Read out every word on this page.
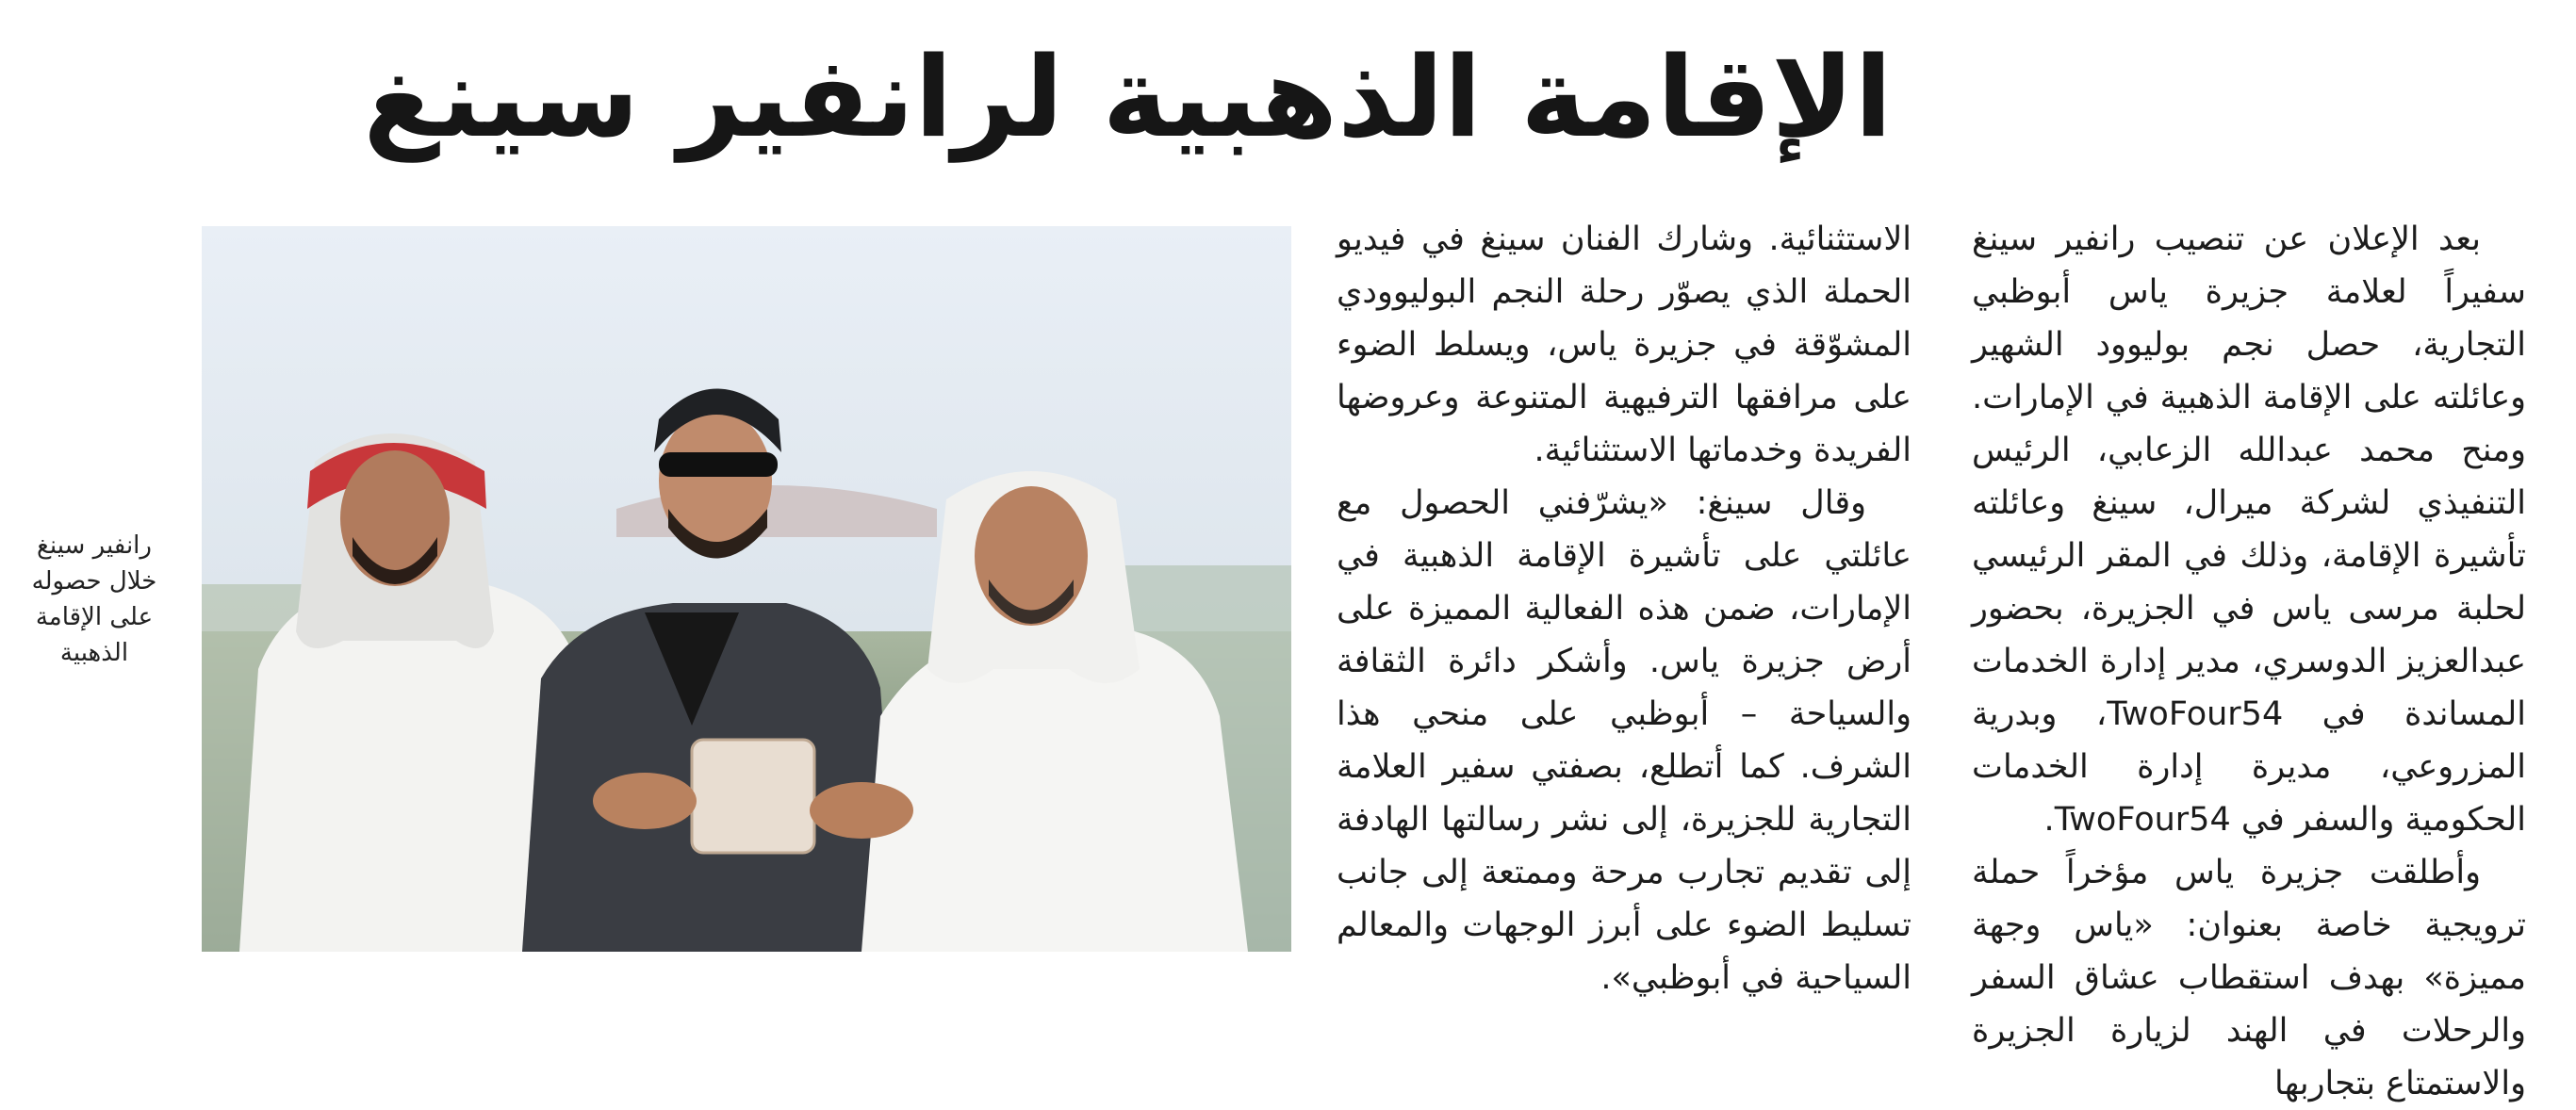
الإقامة الذهبية لرانفير سينغ

بعد الإعلان عن تنصيب رانفير سينغ سفيراً لعلامة جزيرة ياس أبوظبي التجارية، حصل نجم بوليوود الشهير وعائلته على الإقامة الذهبية في الإمارات. ومنح محمد عبدالله الزعابي، الرئيس التنفيذي لشركة ميرال، سينغ وعائلته تأشيرة الإقامة، وذلك في المقر الرئيسي لحلبة مرسى ياس في الجزيرة، بحضور عبدالعزيز الدوسري، مدير إدارة الخدمات المساندة في TwoFour54، وبدرية المزروعي، مديرة إدارة الخدمات الحكومية والسفر في TwoFour54.

وأطلقت جزيرة ياس مؤخراً حملة ترويجية خاصة بعنوان: «ياس وجهة مميزة» بهدف استقطاب عشاق السفر والرحلات في الهند لزيارة الجزيرة والاستمتاع بتجاربها

الاستثنائية. وشارك الفنان سينغ في فيديو الحملة الذي يصوّر رحلة النجم البوليوودي المشوّقة في جزيرة ياس، ويسلط الضوء على مرافقها الترفيهية المتنوعة وعروضها الفريدة وخدماتها الاستثنائية.

وقال سينغ: «يشرّفني الحصول مع عائلتي على تأشيرة الإقامة الذهبية في الإمارات، ضمن هذه الفعالية المميزة على أرض جزيرة ياس. وأشكر دائرة الثقافة والسياحة – أبوظبي على منحي هذا الشرف. كما أتطلع، بصفتي سفير العلامة التجارية للجزيرة، إلى نشر رسالتها الهادفة إلى تقديم تجارب مرحة وممتعة إلى جانب تسليط الضوء على أبرز الوجهات والمعالم السياحية في أبوظبي».

رانفير سينغ خلال حصوله على الإقامة الذهبية
